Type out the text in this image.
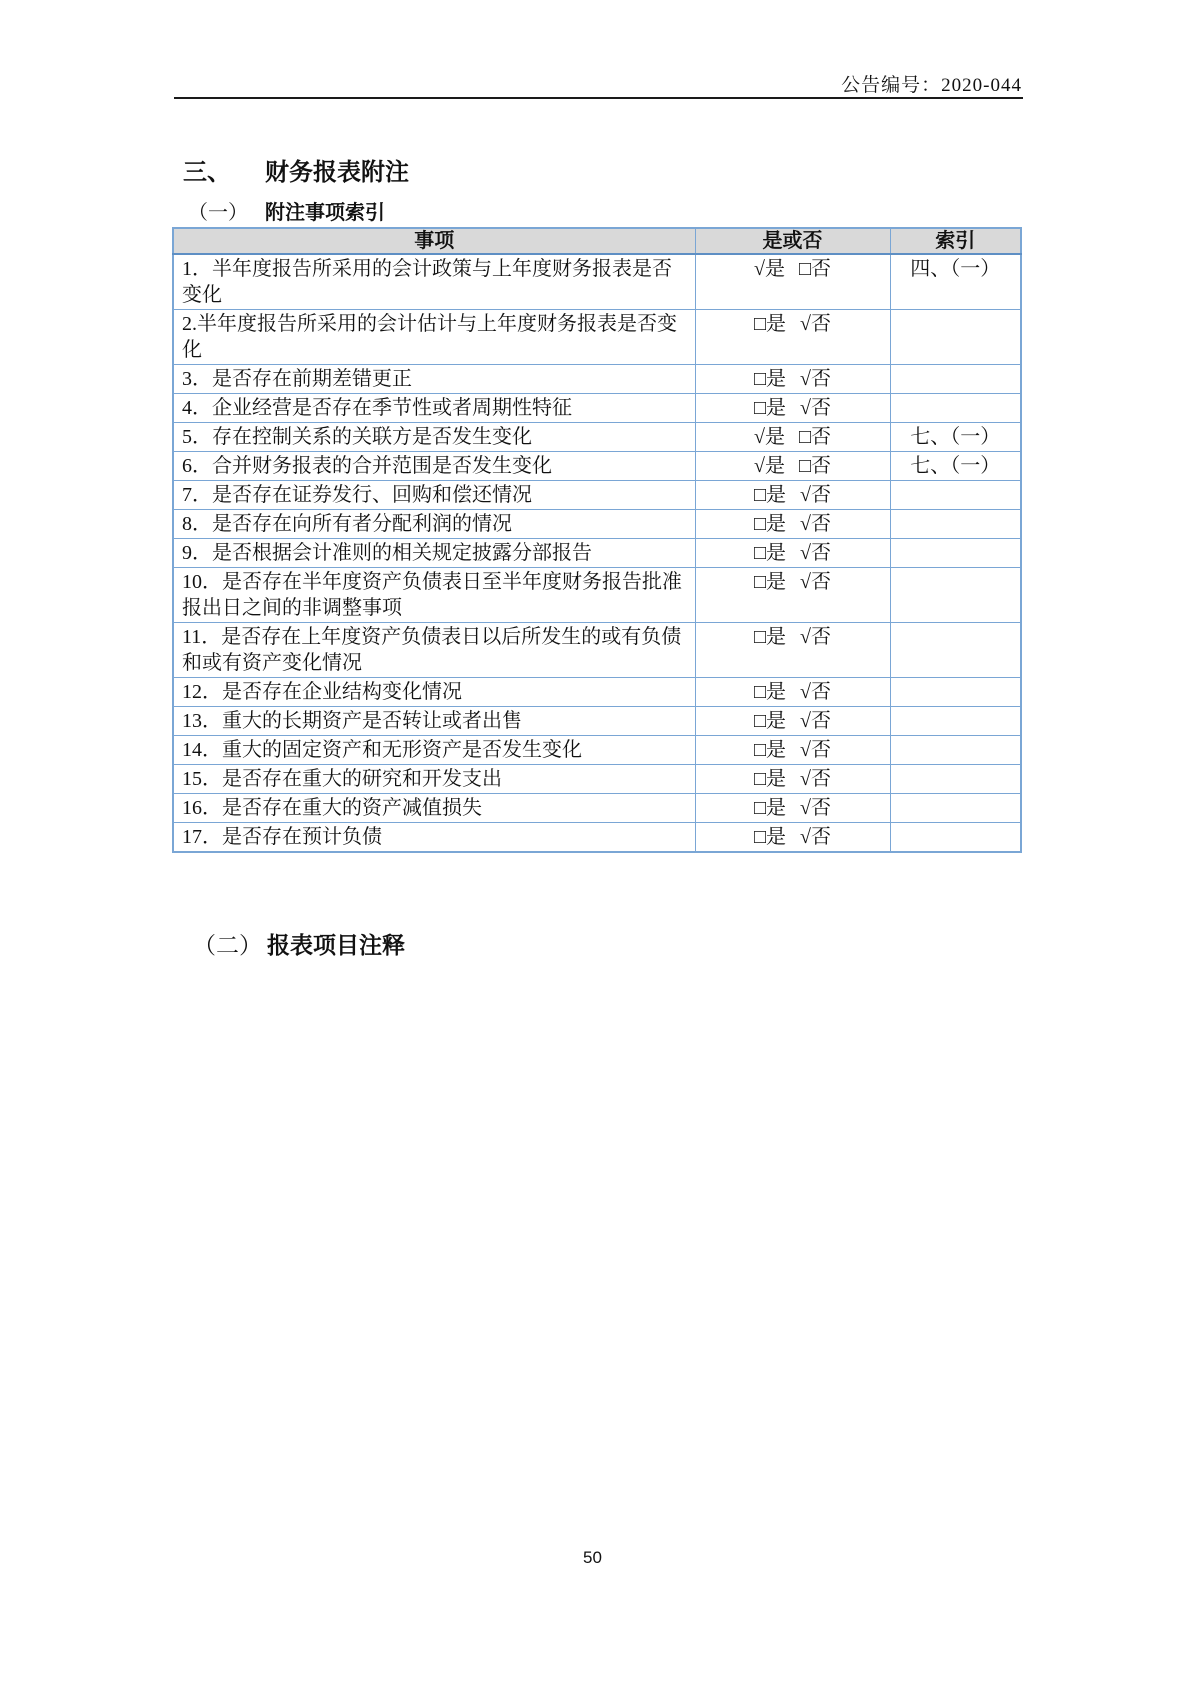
公告编号：2020-044
三、 财务报表附注
（一） 附注事项索引
事项	是或否	索引
1．半年度报告所采用的会计政策与上年度财务报表是否变化	√是 □否	四、（一）
2.半年度报告所采用的会计估计与上年度财务报表是否变化	□是 √否	
3．是否存在前期差错更正	□是 √否	
4．企业经营是否存在季节性或者周期性特征	□是 √否	
5．存在控制关系的关联方是否发生变化	√是 □否	七、（一）
6．合并财务报表的合并范围是否发生变化	√是 □否	七、（一）
7．是否存在证券发行、回购和偿还情况	□是 √否	
8．是否存在向所有者分配利润的情况	□是 √否	
9．是否根据会计准则的相关规定披露分部报告	□是 √否	
10．是否存在半年度资产负债表日至半年度财务报告批准报出日之间的非调整事项	□是 √否	
11．是否存在上年度资产负债表日以后所发生的或有负债和或有资产变化情况	□是 √否	
12．是否存在企业结构变化情况	□是 √否	
13．重大的长期资产是否转让或者出售	□是 √否	
14．重大的固定资产和无形资产是否发生变化	□是 √否	
15．是否存在重大的研究和开发支出	□是 √否	
16．是否存在重大的资产减值损失	□是 √否	
17．是否存在预计负债	□是 √否	
（二） 报表项目注释
50
